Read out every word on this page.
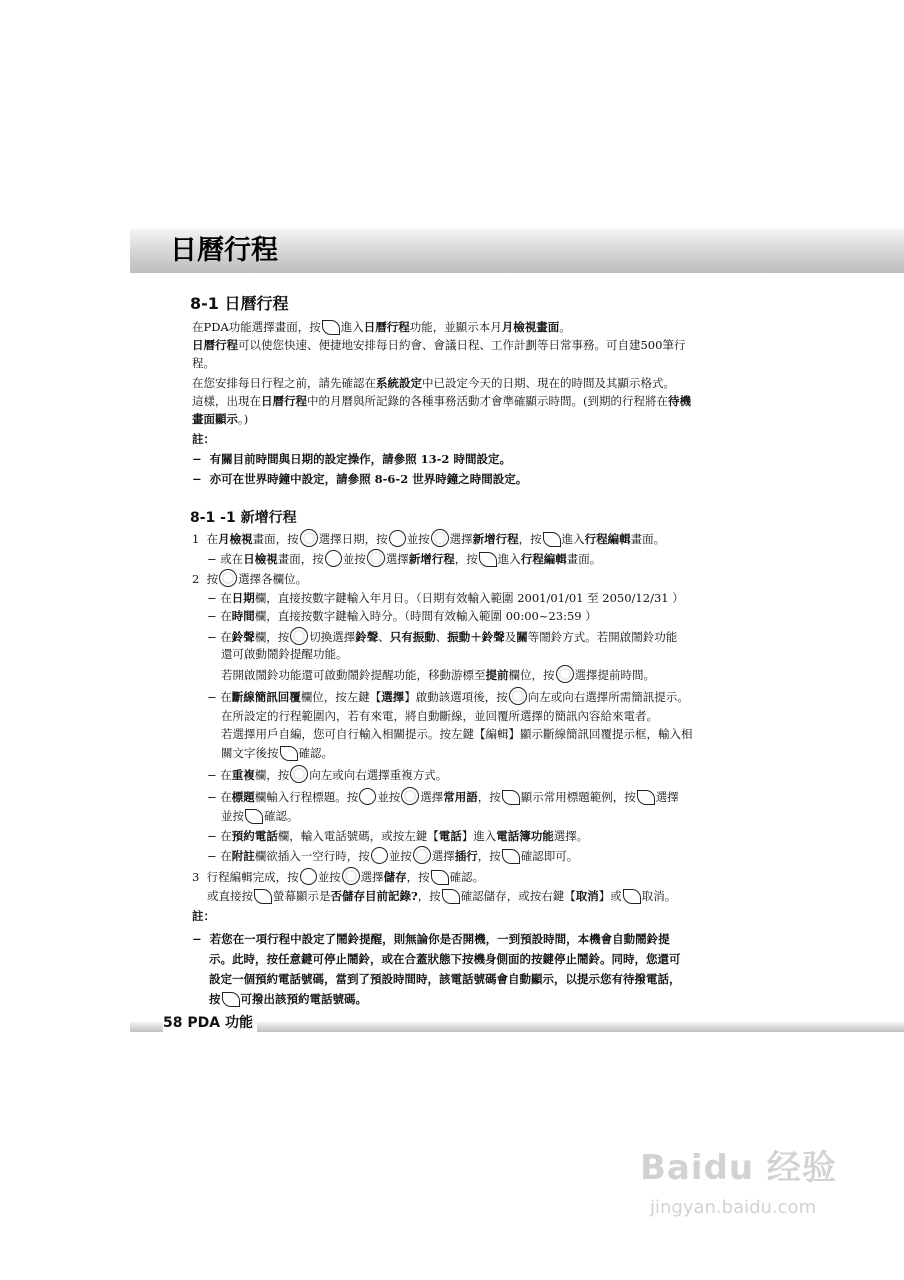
日曆行程
8-1 日曆行程
在PDA功能選擇畫面，按 進入日曆行程功能，並顯示本月月檢視畫面。
日曆行程可以使您快速、便捷地安排每日約會、會議日程、工作計劃等日常事務。可自建500筆行
程。
在您安排每日行程之前，請先確認在系統設定中已設定今天的日期、現在的時間及其顯示格式。
這樣，出現在日曆行程中的月曆與所記錄的各種事務活動才會準確顯示時間。(到期的行程將在待機
畫面顯示。)
註：
−  有關目前時間與日期的設定操作，請參照 13-2 時間設定。
−  亦可在世界時鐘中設定，請參照 8-6-2 世界時鐘之時間設定。
8-1 -1 新增行程
1 在月檢視畫面，按 選擇日期，按 並按 選擇新增行程，按 進入行程編輯畫面。
− 或在日檢視畫面，按 並按 選擇新增行程，按 進入行程編輯畫面。
2 按 選擇各欄位。
− 在日期欄，直接按數字鍵輸入年月日。（日期有效輸入範圍 2001/01/01 至 2050/12/31 ）
− 在時間欄，直接按數字鍵輸入時分。（時間有效輸入範圍 00:00~23:59 ）
− 在鈴聲欄，按 切換選擇鈴聲、只有振動、振動＋鈴聲及關等鬧鈴方式。若開啟鬧鈴功能
還可啟動鬧鈴提醒功能。
若開啟鬧鈴功能還可啟動鬧鈴提醒功能，移動游標至提前欄位，按 選擇提前時間。
− 在斷線簡訊回覆欄位，按左鍵【選擇】啟動該選項後，按 向左或向右選擇所需簡訊提示。
在所設定的行程範圍內，若有來電，將自動斷線，並回覆所選擇的簡訊內容給來電者。
若選擇用戶自編，您可自行輸入相關提示。按左鍵【編輯】顯示斷線簡訊回覆提示框，輸入相
關文字後按 確認。
− 在重複欄，按 向左或向右選擇重複方式。
− 在標題欄輸入行程標題。按 並按 選擇常用語，按 顯示常用標題範例，按 選擇
並按 確認。
− 在預約電話欄，輸入電話號碼，或按左鍵【電話】進入電話簿功能選擇。
− 在附註欄欲插入一空行時，按 並按 選擇插行，按 確認即可。
3 行程編輯完成，按 並按 選擇儲存，按 確認。
或直接按 螢幕顯示是否儲存目前記錄?，按 確認儲存，或按右鍵【取消】或 取消。
註：
−  若您在一項行程中設定了鬧鈴提醒，則無論你是否開機，一到預設時間，本機會自動鬧鈴提
示。此時，按任意鍵可停止鬧鈴，或在合蓋狀態下按機身側面的按鍵停止鬧鈴。同時，您還可
設定一個預約電話號碼，當到了預設時間時，該電話號碼會自動顯示，以提示您有待撥電話，
按 可撥出該預約電話號碼。
58 PDA 功能
Baidu 经验
jingyan.baidu.com
